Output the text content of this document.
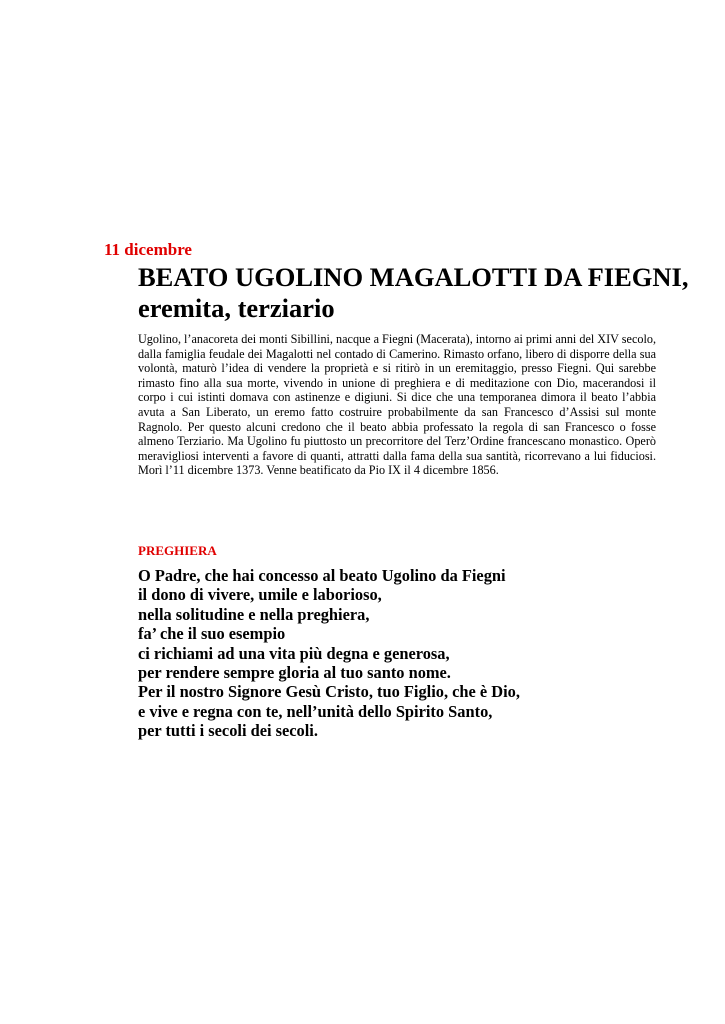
11 dicembre

BEATO UGOLINO MAGALOTTI DA FIEGNI,
eremita, terziario

Ugolino, l’anacoreta dei monti Sibillini, nacque a Fiegni (Macerata), intorno ai primi anni del XIV secolo, dalla famiglia feudale dei Magalotti nel contado di Camerino. Rimasto orfano, libero di disporre della sua volontà, maturò l’idea di vendere la proprietà e si ritirò in un eremitaggio, presso Fiegni. Qui sarebbe rimasto fino alla sua morte, vivendo in unione di preghiera e di meditazione con Dio, macerandosi il corpo i cui istinti domava con astinenze e digiuni. Si dice che una temporanea dimora il beato l’abbia avuta a San Liberato, un eremo fatto costruire probabilmente da san Francesco d’Assisi sul monte Ragnolo. Per questo alcuni credono che il beato abbia professato la regola di san Francesco o fosse almeno Terziario. Ma Ugolino fu piuttosto un precorritore del Terz’Ordine francescano monastico. Operò meravigliosi interventi a favore di quanti, attratti dalla fama della sua santità, ricorrevano a lui fiduciosi. Morì l’11 dicembre 1373. Venne beatificato da Pio IX il 4 dicembre 1856.

PREGHIERA

O Padre, che hai concesso al beato Ugolino da Fiegni
il dono di vivere, umile e laborioso,
nella solitudine e nella preghiera,
fa’ che il suo esempio
ci richiami ad una vita più degna e generosa,
per rendere sempre gloria al tuo santo nome.
Per il nostro Signore Gesù Cristo, tuo Figlio, che è Dio,
e vive e regna con te, nell’unità dello Spirito Santo,
per tutti i secoli dei secoli.
